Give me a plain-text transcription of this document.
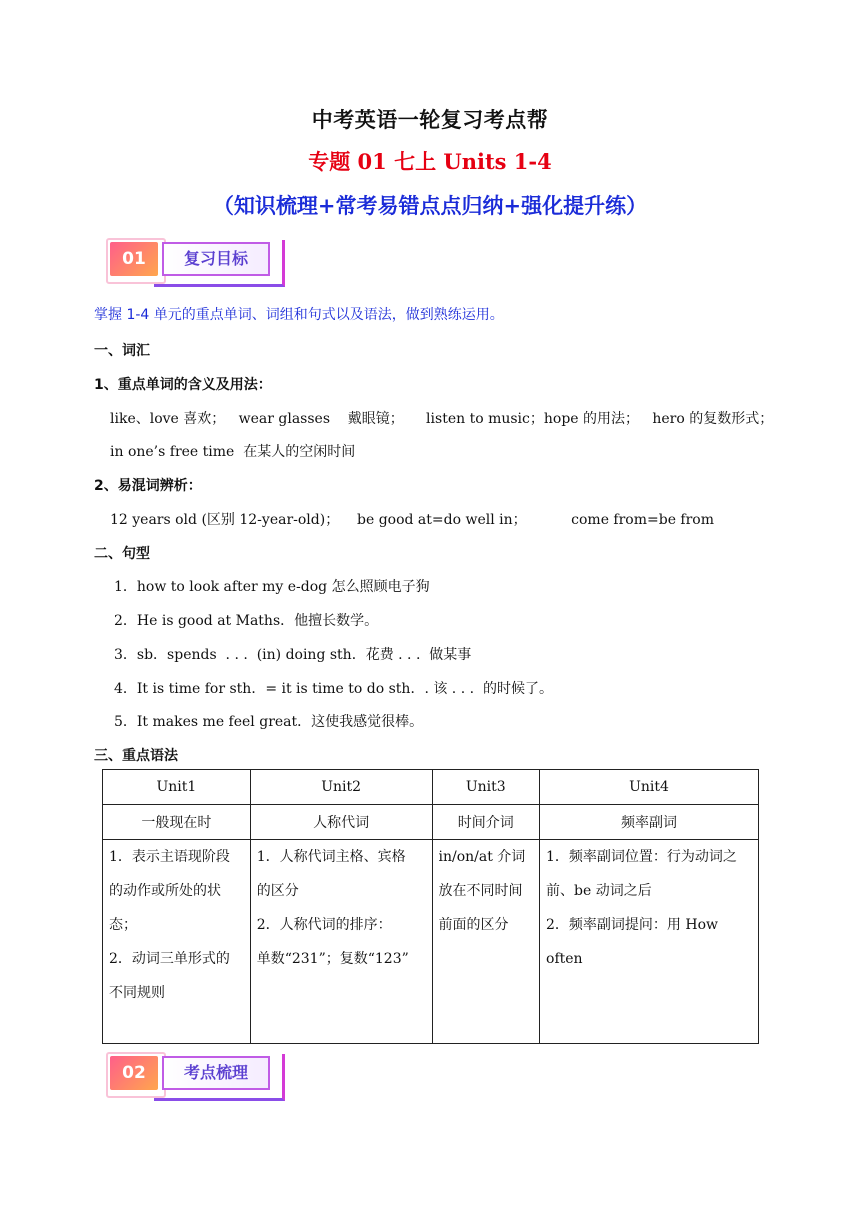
中考英语一轮复习考点帮
专题 01 七上 Units 1-4
（知识梳理+常考易错点点归纳+强化提升练）
01	复习目标
掌握 1-4 单元的重点单词、词组和句式以及语法，做到熟练运用。
一、词汇
1、重点单词的含义及用法：
like、love 喜欢；   wear glasses    戴眼镜；     listen to music；hope 的用法；   hero 的复数形式；
in one’s free time  在某人的空闲时间
2、易混词辨析：
12 years old (区别 12-year-old)；    be good at=do well in；          come from=be from
二、句型
1．how to look after my e-dog 怎么照顾电子狗
2．He is good at Maths．他擅长数学。
3．sb．spends  . . .  (in) doing sth．花费 . . .  做某事
4．It is time for sth．= it is time to do sth．. 该 . . .  的时候了。
5．It makes me feel great．这使我感觉很棒。
三、重点语法
Unit1	Unit2	Unit3	Unit4
一般现在时	人称代词	时间介词	频率副词

1．表示主语现阶段
的动作或所处的状
态；
2．动词三单形式的
不同规则	1．人称代词主格、宾格
的区分
2．人称代词的排序：
单数“231”；复数“123”	in/on/at 介词
放在不同时间
前面的区分	1．频率副词位置：行为动词之
前、be 动词之后
2．频率副词提问：用 How often
02	考点梳理
